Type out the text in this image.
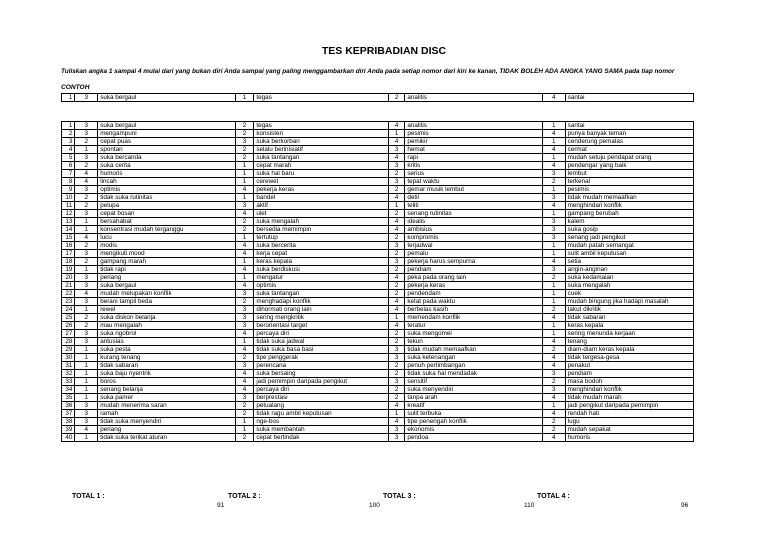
TES KEPRIBADIAN DISC
Tuliskan angka 1 sampai 4 mulai dari yang bukan diri Anda sampai yang paling menggambarkan diri Anda pada setiap nomor dari kiri ke kanan, TIDAK BOLEH ADA ANGKA YANG SAMA pada tiap nomor
CONTOH
1	3	suka bergaul	1	tegas	2	analitis	4	santai
1	3	suka bergaul	2	tegas	4	analitis	1	santai
2	3	mengampuni	2	konsisten	1	pesimis	4	punya banyak teman
3	2	cepat puas	3	suka berkorban	4	pemikir	1	cenderung pemalas
4	1	spontan	2	selalu berinisiatif	3	hemat	4	cermat
5	3	suka bercanda	2	suka tantangan	4	rapi	1	mudah setuju pendapat orang
6	2	suka cerita	1	cepat marah	3	kritis	4	pendengar yang baik
7	4	humoris	1	suka hal baru	2	serius	3	lembut
8	4	lincah	1	cerewet	3	tepat waktu	2	terkenal
9	3	optimis	4	pekerja keras	2	gemar musik lembut	1	pesimis
10	2	tidak suka rutinitas	1	bandel	4	detil	3	tidak mudah memaafkan
11	2	pelupa	3	aktif	1	teliti	4	menghindari konflik
12	3	cepat bosan	4	ulet	2	senang rutinitas	1	gampang berubah
13	1	bersahabat	2	suka mengalah	4	idealis	3	kalem
14	1	konsentrasi mudah terganggu	2	bersedia memimpin	4	ambisius	3	suka gosip
15	4	lucu	1	tertutup	2	kompromis	3	senang jadi pengikut
16	2	modis	4	suka bercerita	3	terjadwal	1	mudah patah semangat
17	3	mengikuti mood	4	kerja cepat	2	pemalu	1	sulit ambil keputusan
18	2	gampang marah	1	keras kepala	3	pekerja harus sempurna	4	setia
19	1	tidak rapi	4	suka berdiskusi	2	pendiam	3	angin-anginan
20	3	periang	1	mengatur	4	peka pada orang lain	2	suka kedamaian
21	3	suka bergaul	4	optimis	2	pekerja keras	1	suka mengalah
22	4	mudah melupakan konflik	3	suka tantangan	2	pendendam	1	cuek
23	3	berani tampil beda	2	menghadapi konflik	4	ketat pada waktu	1	mudah bingung jika hadapi masalah
24	1	rewel	3	dihormati orang lain	4	berbelas kasih	2	takut dikritik
25	2	suka diskon belanja	3	sering mengkritik	1	memendam konflik	4	tidak sabaran
26	2	mau mengalah	3	berorientasi target	4	teratur	1	keras kepala
27	3	suka ngobrol	4	percaya diri	2	suka mengomel	1	sering menunda kerjaan
28	3	antusias	1	tidak suka jadwal	2	tekun	4	tenang
29	1	suka pesta	4	tidak suka basa basi	3	tidak mudah memaafkan	2	diam-diam keras kepala
30	1	kurang tenang	2	tipe penggerak	3	suka ketenangan	4	tidak tergesa-gesa
31	1	tidak sabaran	3	perencana	2	penuh pertimbangan	4	penakut
32	1	suka baju nyentrik	4	suka bersaing	2	tidak suka hal mendadak	3	pendiam
33	1	boros	4	jadi pemimpin daripada pengikut	3	sensitif	2	masa bodoh
34	1	senang belanja	4	percaya diri	2	suka menyendiri	3	menghindari konflik
35	1	suka pamer	3	berprestasi	2	tanpa arah	4	tidak mudah marah
36	3	mudah menerima saran	2	petualang	4	kreatif	1	jadi pengikut daripada pemimpin
37	3	ramah	2	tidak ragu ambil keputusan	1	sulit terbuka	4	rendah hati
38	3	tidak suka menyendiri	1	nge-bos	4	tipe penengah konflik	2	lugu
39	4	periang	1	suka membantah	3	ekonomis	2	mudah sepakat
40	1	tidak suka terikat aturan	2	cepat bertindak	3	pendoa	4	humoris
TOTAL 1 :
91
TOTAL 2 :
100
TOTAL 3 :
110
TOTAL 4 :
96
